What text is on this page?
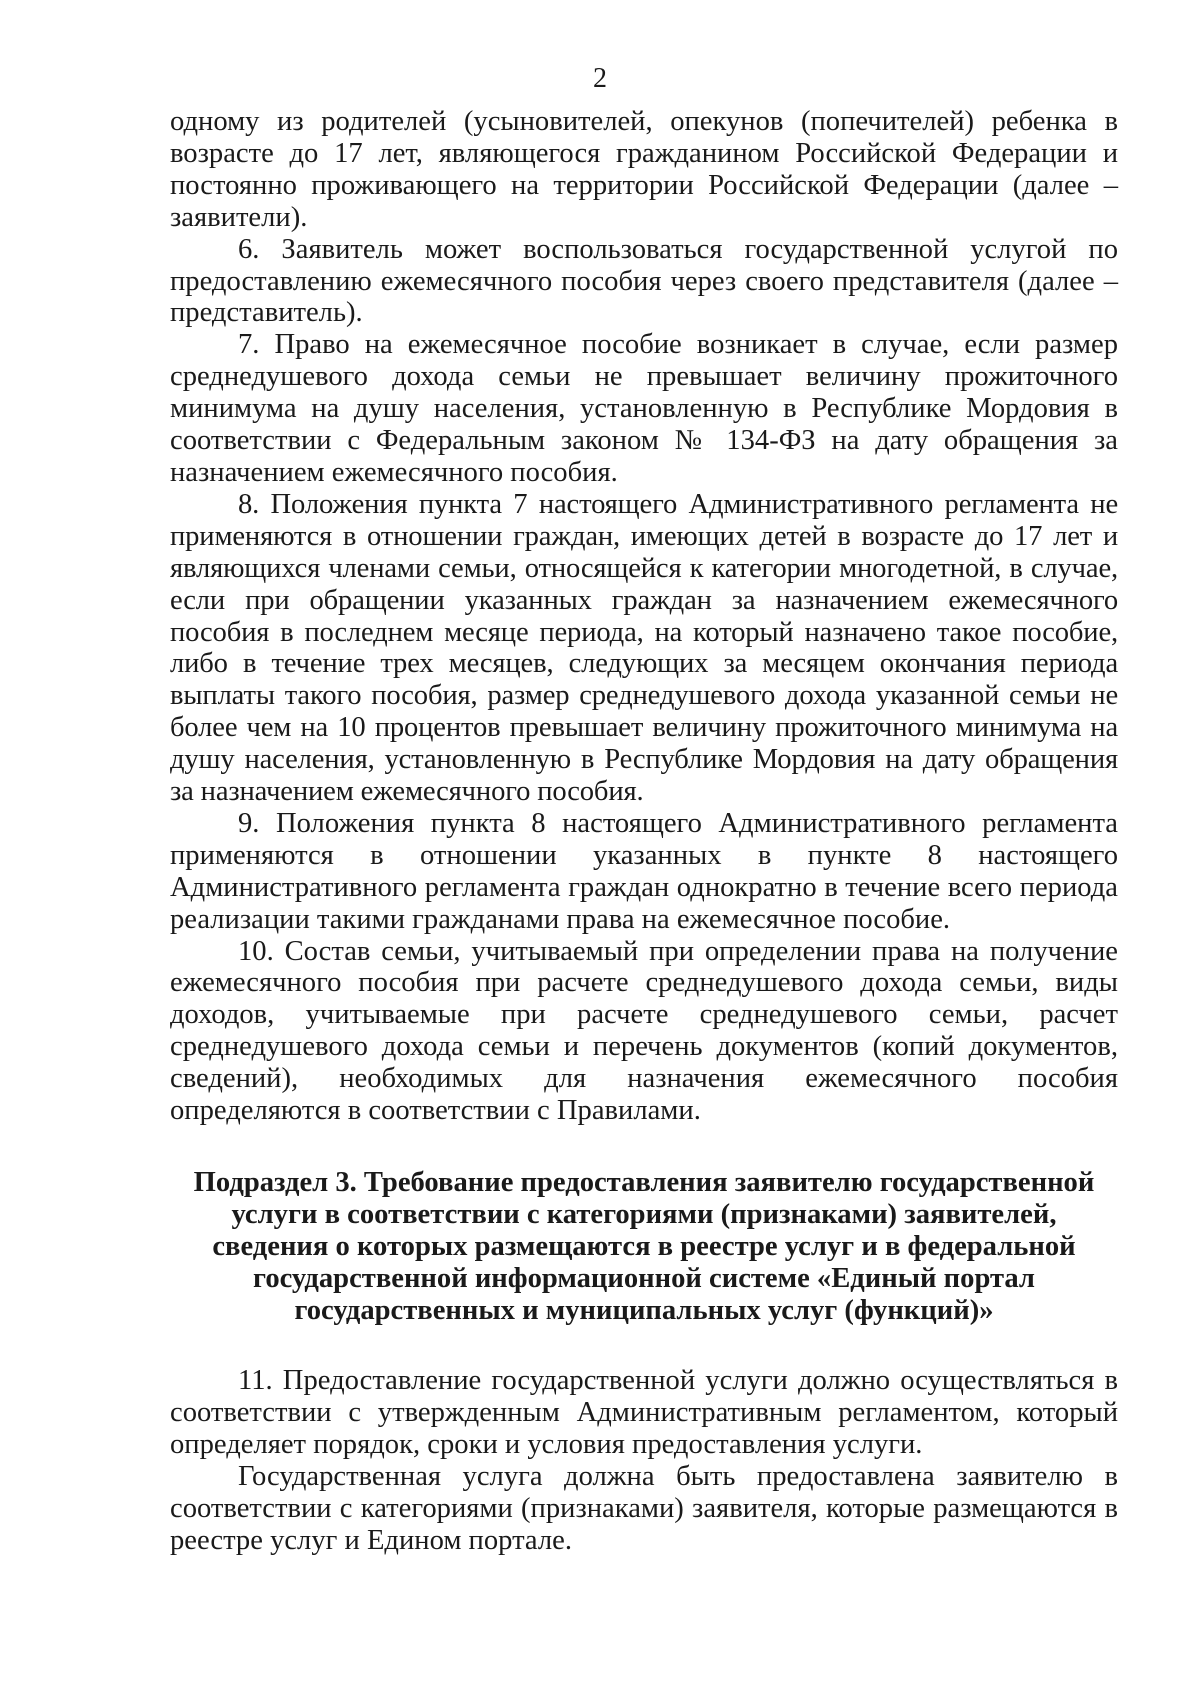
2

одному из родителей (усыновителей, опекунов (попечителей) ребенка в возрасте до 17 лет, являющегося гражданином Российской Федерации и постоянно проживающего на территории Российской Федерации (далее – заявители).

6. Заявитель может воспользоваться государственной услугой по предоставлению ежемесячного пособия через своего представителя (далее – представитель).

7. Право на ежемесячное пособие возникает в случае, если размер среднедушевого дохода семьи не превышает величину прожиточного минимума на душу населения, установленную в Республике Мордовия в соответствии с Федеральным законом № 134-ФЗ на дату обращения за назначением ежемесячного пособия.

8. Положения пункта 7 настоящего Административного регламента не применяются в отношении граждан, имеющих детей в возрасте до 17 лет и являющихся членами семьи, относящейся к категории многодетной, в случае, если при обращении указанных граждан за назначением ежемесячного пособия в последнем месяце периода, на который назначено такое пособие, либо в течение трех месяцев, следующих за месяцем окончания периода выплаты такого пособия, размер среднедушевого дохода указанной семьи не более чем на 10 процентов превышает величину прожиточного минимума на душу населения, установленную в Республике Мордовия на дату обращения за назначением ежемесячного пособия.

9. Положения пункта 8 настоящего Административного регламента применяются в отношении указанных в пункте 8 настоящего Административного регламента граждан однократно в течение всего периода реализации такими гражданами права на ежемесячное пособие.

10. Состав семьи, учитываемый при определении права на получение ежемесячного пособия при расчете среднедушевого дохода семьи, виды доходов, учитываемые при расчете среднедушевого семьи, расчет среднедушевого дохода семьи и перечень документов (копий документов, сведений), необходимых для назначения ежемесячного пособия определяются в соответствии с Правилами.

Подраздел 3. Требование предоставления заявителю государственной услуги в соответствии с категориями (признаками) заявителей, сведения о которых размещаются в реестре услуг и в федеральной государственной информационной системе «Единый портал государственных и муниципальных услуг (функций)»

11. Предоставление государственной услуги должно осуществляться в соответствии с утвержденным Административным регламентом, который определяет порядок, сроки и условия предоставления услуги.

Государственная услуга должна быть предоставлена заявителю в соответствии с категориями (признаками) заявителя, которые размещаются в реестре услуг и Едином портале.
